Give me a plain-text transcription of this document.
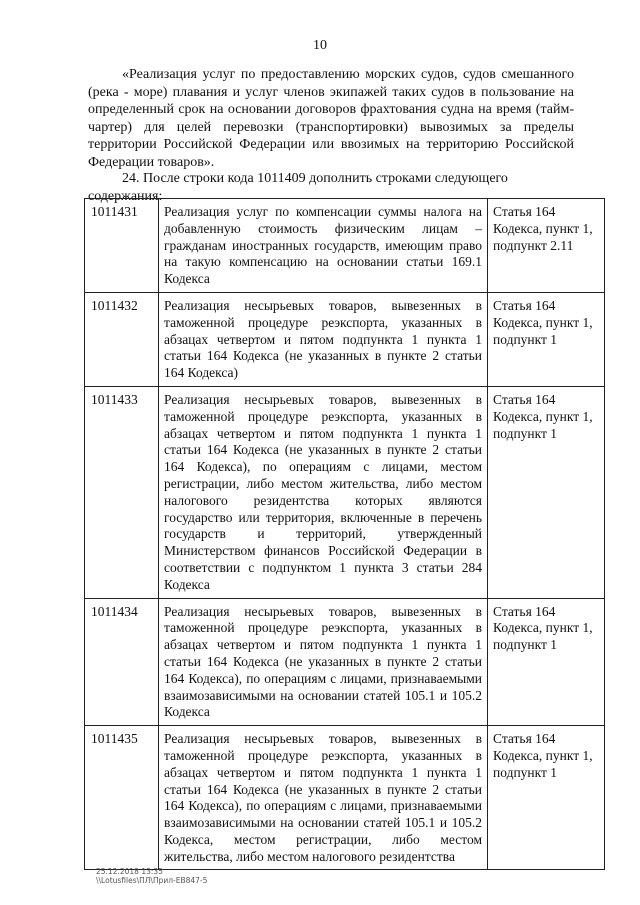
10

«Реализация услуг по предоставлению морских судов, судов смешанного (река - море) плавания и услуг членов экипажей таких судов в пользование на определенный срок на основании договоров фрахтования судна на время (тайм-чартер) для целей перевозки (транспортировки) вывозимых за пределы территории Российской Федерации или ввозимых на территорию Российской Федерации товаров».

24. После строки кода 1011409 дополнить строками следующего содержания:

1011431	Реализация услуг по компенсации суммы налога на добавленную стоимость физическим лицам – гражданам иностранных государств, имеющим право на такую компенсацию на основании статьи 169.1 Кодекса	Статья 164 Кодекса, пункт 1, подпункт 2.11
1011432	Реализация несырьевых товаров, вывезенных в таможенной процедуре реэкспорта, указанных в абзацах четвертом и пятом подпункта 1 пункта 1 статьи 164 Кодекса (не указанных в пункте 2 статьи 164 Кодекса)	Статья 164 Кодекса, пункт 1, подпункт 1
1011433	Реализация несырьевых товаров, вывезенных в таможенной процедуре реэкспорта, указанных в абзацах четвертом и пятом подпункта 1 пункта 1 статьи 164 Кодекса (не указанных в пункте 2 статьи 164 Кодекса), по операциям с лицами, местом регистрации, либо местом жительства, либо местом налогового резидентства которых являются государство или территория, включенные в перечень государств и территорий, утвержденный Министерством финансов Российской Федерации в соответствии с подпунктом 1 пункта 3 статьи 284 Кодекса	Статья 164 Кодекса, пункт 1, подпункт 1
1011434	Реализация несырьевых товаров, вывезенных в таможенной процедуре реэкспорта, указанных в абзацах четвертом и пятом подпункта 1 пункта 1 статьи 164 Кодекса (не указанных в пункте 2 статьи 164 Кодекса), по операциям с лицами, признаваемыми взаимозависимыми на основании статей 105.1 и 105.2 Кодекса	Статья 164 Кодекса, пункт 1, подпункт 1
1011435	Реализация несырьевых товаров, вывезенных в таможенной процедуре реэкспорта, указанных в абзацах четвертом и пятом подпункта 1 пункта 1 статьи 164 Кодекса (не указанных в пункте 2 статьи 164 Кодекса), по операциям с лицами, признаваемыми взаимозависимыми на основании статей 105.1 и 105.2 Кодекса, местом регистрации, либо местом жительства, либо местом налогового резидентства	Статья 164 Кодекса, пункт 1, подпункт 1
25.12.2018 13:35
\\Lotusfiles\ПЛ\Прил-ЕВ847-5
